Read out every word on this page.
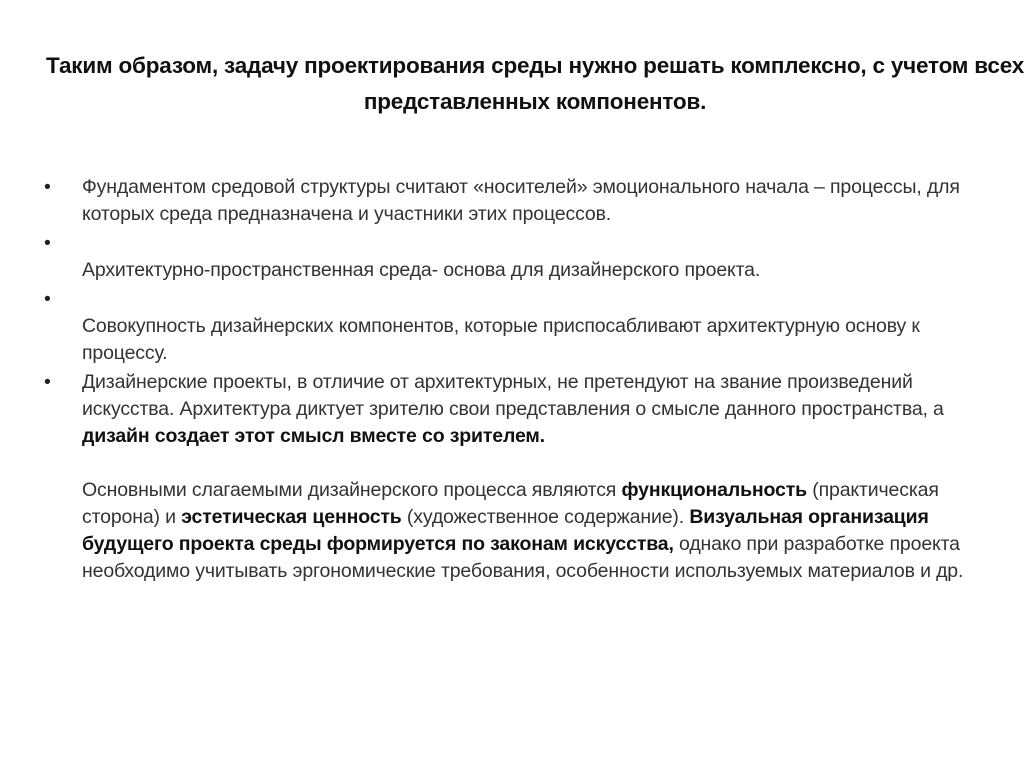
Таким образом, задачу проектирования среды нужно решать комплексно, с учетом всех представленных компонентов.
•	Фундаментом средовой структуры считают «носителей» эмоционального начала – процессы, для которых среда предназначена и участники этих процессов.
•
Архитектурно-пространственная среда- основа для дизайнерского проекта.
•
Совокупность дизайнерских компонентов, которые приспосабливают архитектурную основу к процессу.
•	Дизайнерские проекты, в отличие от архитектурных, не претендуют на звание произведений искусства. Архитектура диктует зрителю свои представления о смысле данного пространства, а дизайн создает этот смысл вместе со зрителем.
Основными слагаемыми дизайнерского процесса являются функциональность (практическая сторона) и эстетическая ценность (художественное содержание). Визуальная организация будущего проекта среды формируется по законам искусства, однако при разработке проекта необходимо учитывать эргономические требования, особенности используемых материалов и др.
